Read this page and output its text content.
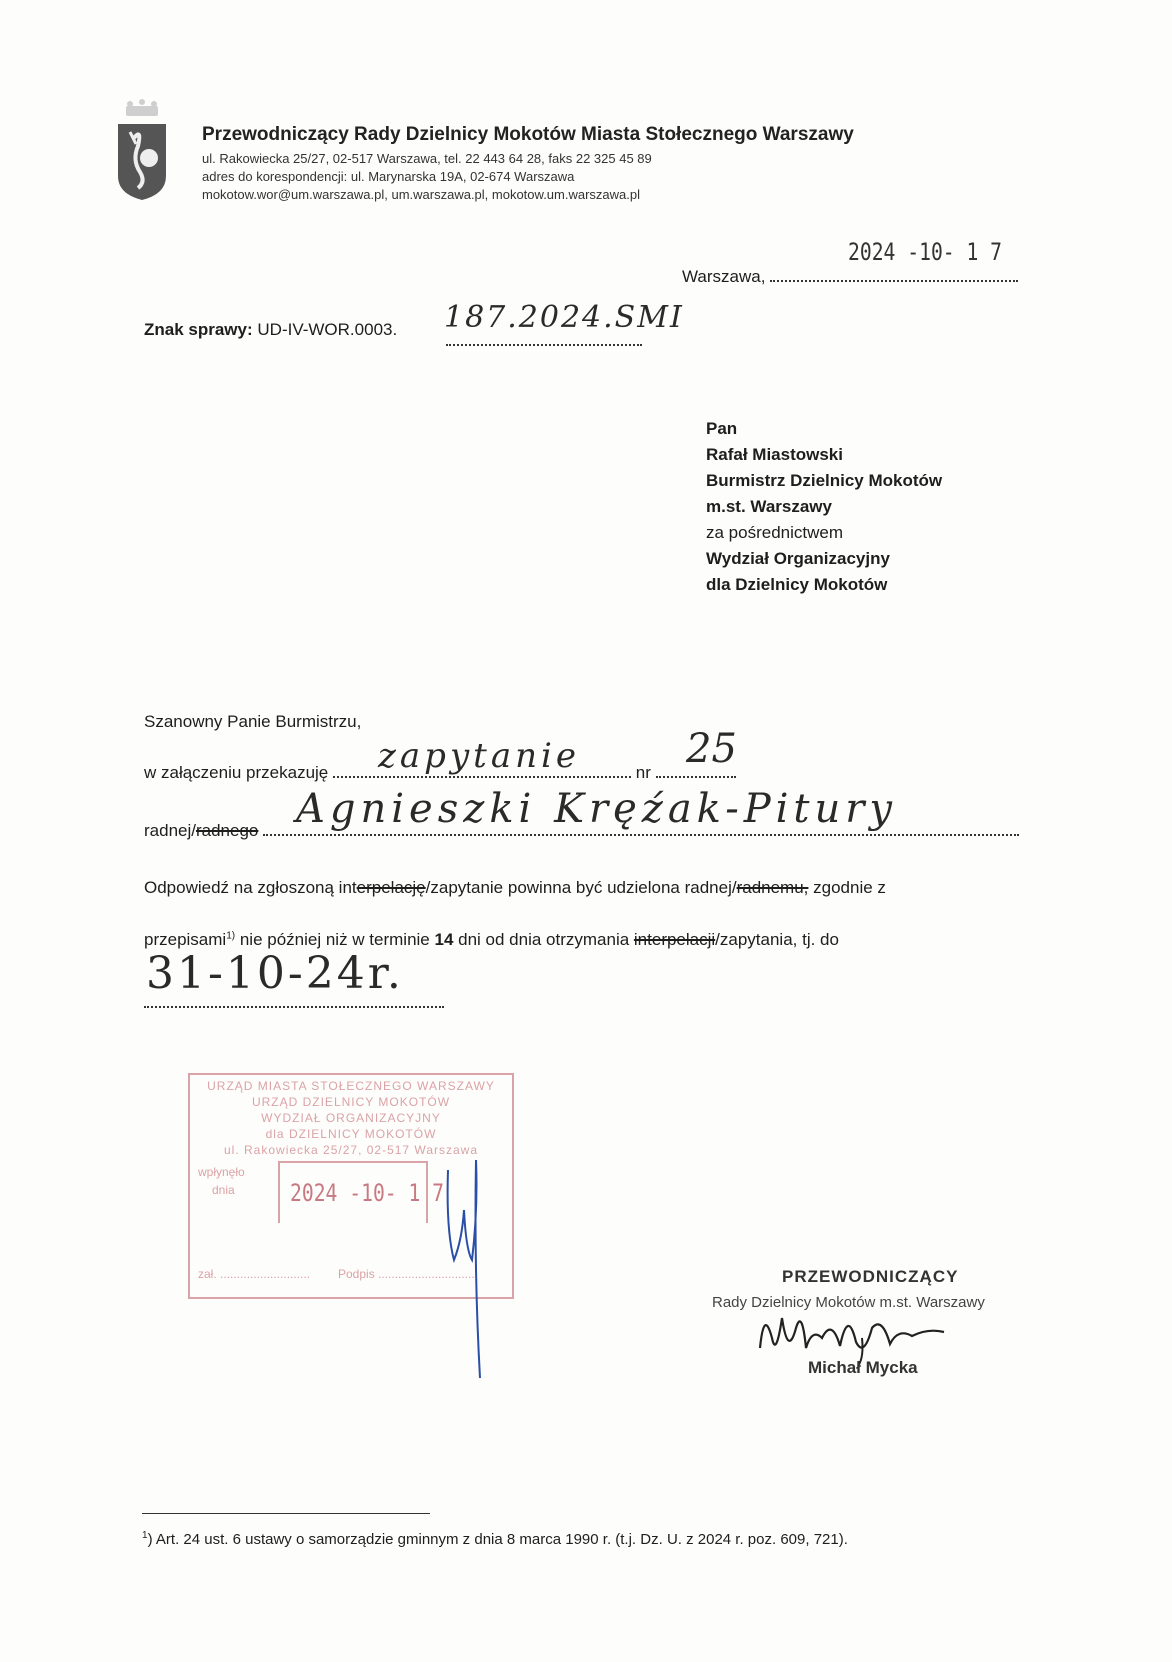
Przewodniczący Rady Dzielnicy Mokotów Miasta Stołecznego Warszawy
ul. Rakowiecka 25/27, 02-517 Warszawa, tel. 22 443 64 28, faks 22 325 45 89
adres do korespondencji: ul. Marynarska 19A, 02-674 Warszawa
mokotow.wor@um.warszawa.pl, um.warszawa.pl, mokotow.um.warszawa.pl
2024 -10- 1 7
Warszawa,
Znak sprawy: UD-IV-WOR.0003. 187.2024.SMI
Pan
Rafał Miastowski
Burmistrz Dzielnicy Mokotów
m.st. Warszawy
za pośrednictwem
Wydział Organizacyjny
dla Dzielnicy Mokotów
Szanowny Panie Burmistrzu,
w załączeniu przekazuję	nr
zapytanie	25
radnej/radnego Agnieszki Kręźak-Pitury
Odpowiedź na zgłoszoną interpelację/zapytanie powinna być udzielona radnej/radnemu, zgodnie z
przepisami$^{1)}$ nie później niż w terminie 14 dni od dnia otrzymania interpelacji/zapytania, tj. do
31-10-24r.
URZĄD MIASTA STOŁECZNEGO WARSZAWY
URZĄD DZIELNICY MOKOTÓW
WYDZIAŁ ORGANIZACYJNY
dla DZIELNICY MOKOTÓW
ul. Rakowiecka 25/27, 02-517 Warszawa
wpłynęło
dnia 2024 -10- 1 7
zał. ........................... Podpis ..............................	PRZEWODNICZĄCY
Rady Dzielnicy Mokotów m.st. Warszawy
Michał Mycka
$^1$) Art. 24 ust. 6 ustawy o samorządzie gminnym z dnia 8 marca 1990 r. (t.j. Dz. U. z 2024 r. poz. 609, 721).
